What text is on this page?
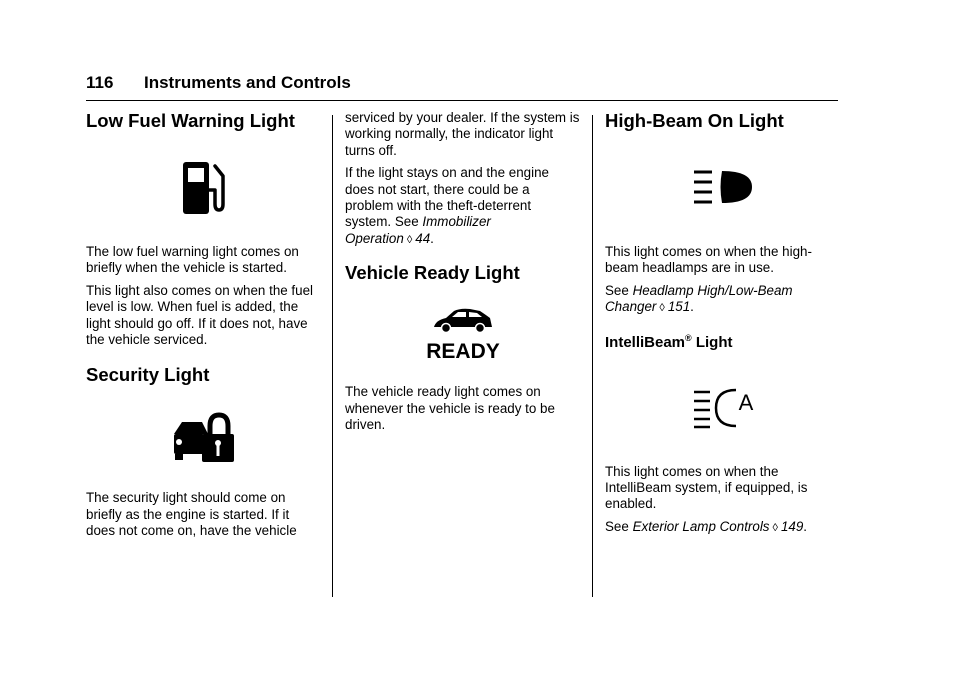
116 Instruments and Controls
Low Fuel Warning Light

The low fuel warning light comes on briefly when the vehicle is started.

This light also comes on when the fuel level is low. When fuel is added, the light should go off. If it does not, have the vehicle serviced.

Security Light

The security light should come on briefly as the engine is started. If it does not come on, have the vehicle

serviced by your dealer. If the system is working normally, the indicator light turns off.

If the light stays on and the engine does not start, there could be a problem with the theft-deterrent system. See Immobilizer Operation ◊ 44.

Vehicle Ready Light
READY

The vehicle ready light comes on whenever the vehicle is ready to be driven.

High-Beam On Light

This light comes on when the high-beam headlamps are in use.

See Headlamp High/Low-Beam Changer ◊ 151.

IntelliBeam® Light
A

This light comes on when the IntelliBeam system, if equipped, is enabled.

See Exterior Lamp Controls ◊ 149.
